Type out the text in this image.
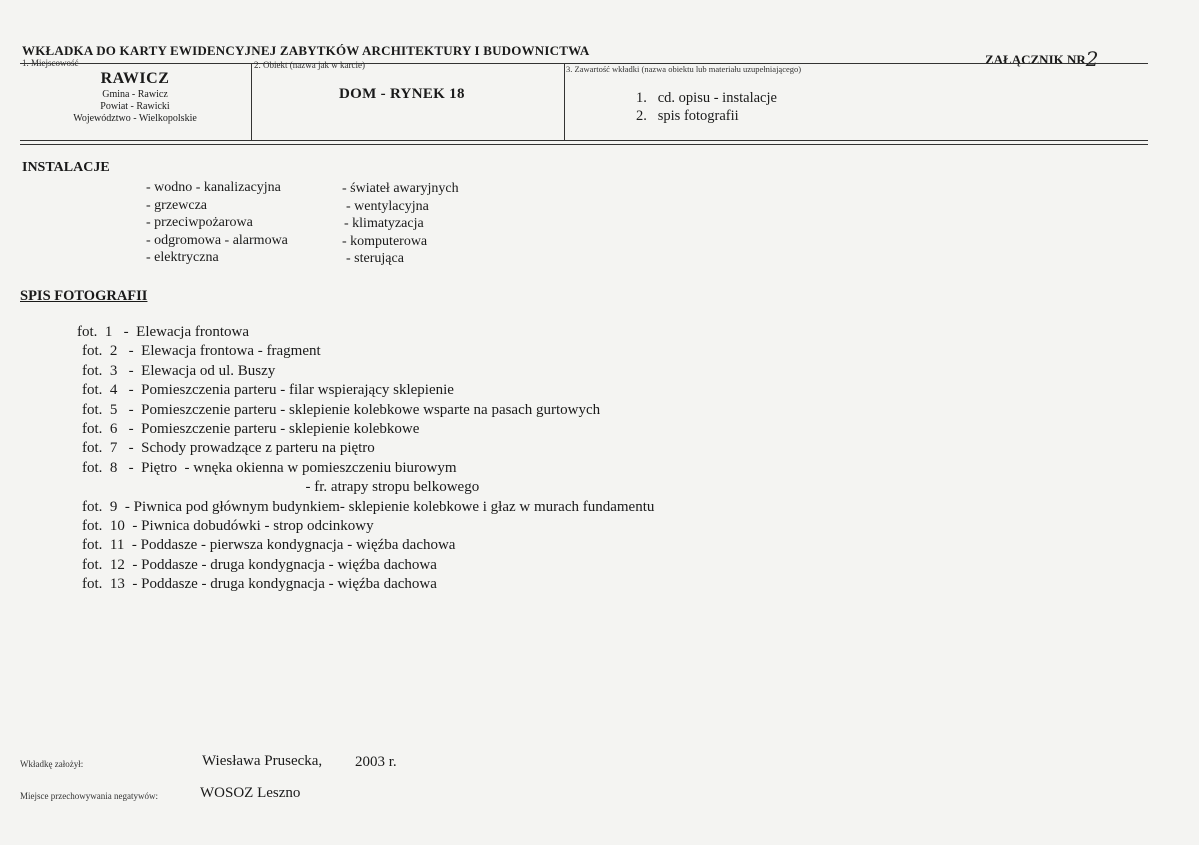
WKŁADKA DO KARTY EWIDENCYJNEJ ZABYTKÓW ARCHITEKTURY I BUDOWNICTWA
ZAŁĄCZNIK NR2
1. Miejscowość
RAWICZ
Gmina - Rawicz
Powiat - Rawicki
Województwo - Wielkopolskie
2. Obiekt (nazwa jak w karcie)
DOM - RYNEK 18
3. Zawartość wkładki (nazwa obiektu lub materiału uzupełniającego)
1.   cd. opisu - instalacje
2.   spis fotografii
INSTALACJE
- wodno - kanalizacyjna
- grzewcza
- przeciwpożarowa
- odgromowa - alarmowa
- elektryczna
- świateł awaryjnych
- wentylacyjna
- klimatyzacja
- komputerowa
- sterująca
SPIS FOTOGRAFII
fot.  1   -  Elewacja frontowa
fot.  2   -  Elewacja frontowa - fragment
fot.  3   -  Elewacja od ul. Buszy
fot.  4   -  Pomieszczenia parteru - filar wspierający sklepienie
fot.  5   -  Pomieszczenie parteru - sklepienie kolebkowe wsparte na pasach gurtowych
fot.  6   -  Pomieszczenie parteru - sklepienie kolebkowe
fot.  7   -  Schody prowadzące z parteru na piętro
fot.  8   -  Piętro  - wnęka okienna w pomieszczeniu biurowym
- fr. atrapy stropu belkowego
fot.  9  - Piwnica pod głównym budynkiem- sklepienie kolebkowe i głaz w murach fundamentu
fot.  10  - Piwnica dobudówki - strop odcinkowy
fot.  11  - Poddasze - pierwsza kondygnacja - więźba dachowa
fot.  12  - Poddasze - druga kondygnacja - więźba dachowa
fot.  13  - Poddasze - druga kondygnacja - więźba dachowa
Wkładkę założył:	Wiesława Prusecka, 2003 r.
Miejsce przechowywania negatywów:	WOSOZ Leszno
